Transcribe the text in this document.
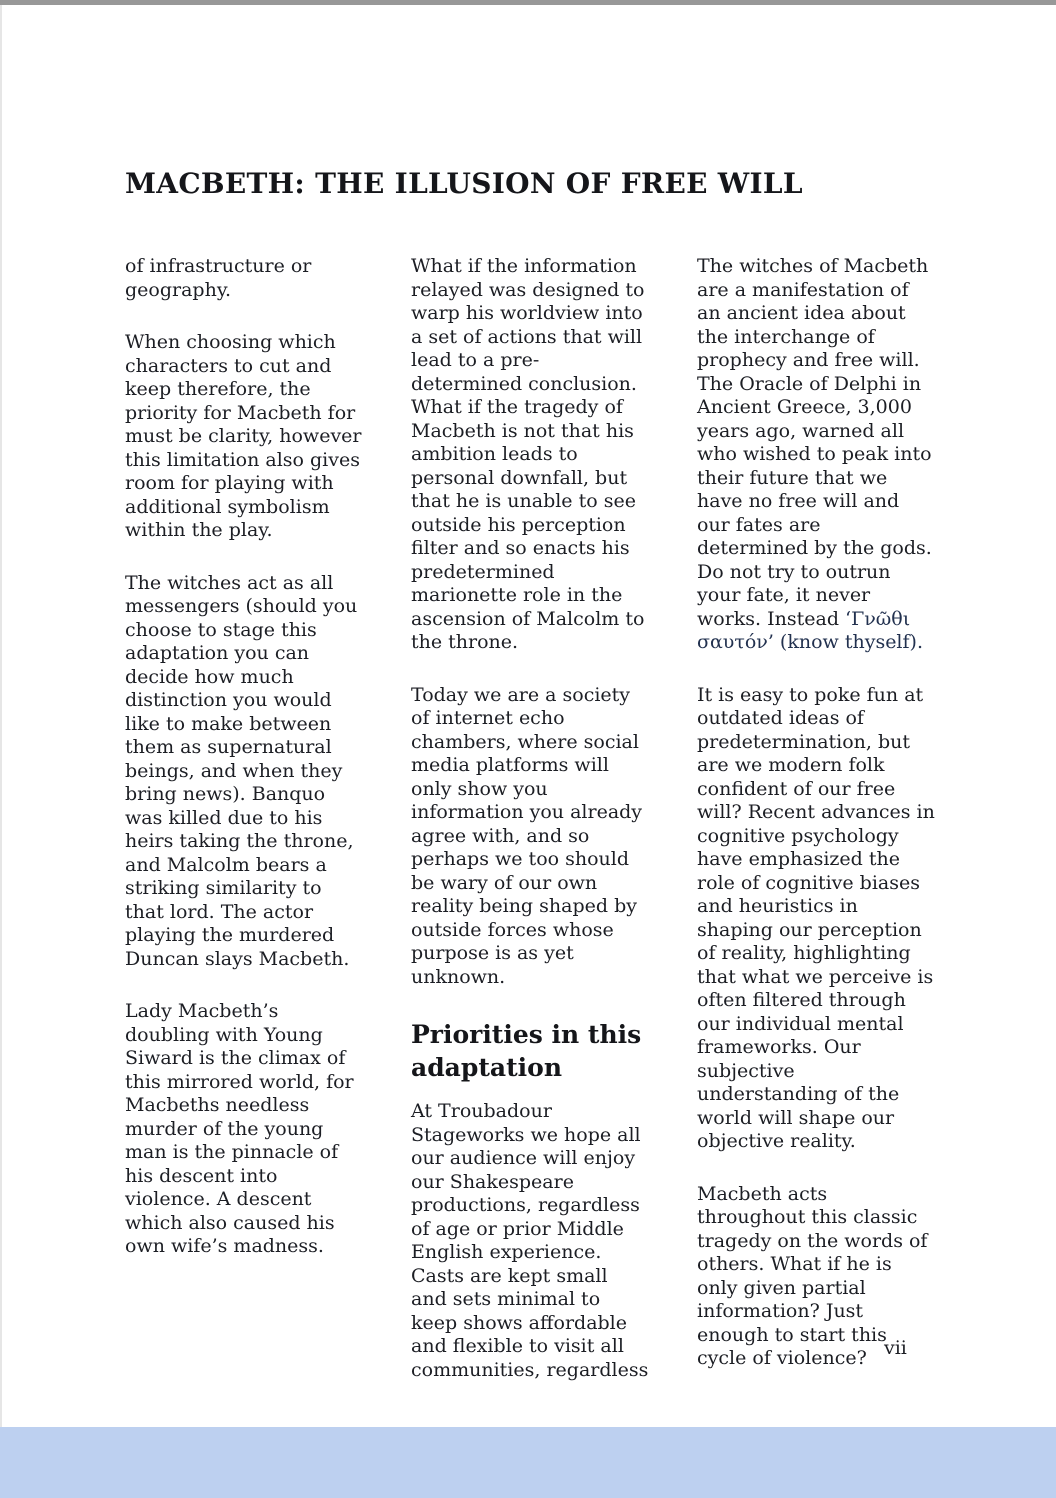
MACBETH: THE ILLUSION OF FREE WILL

of infrastructure or geography.

When choosing which characters to cut and keep therefore, the priority for Macbeth for must be clarity, however this limitation also gives room for playing with additional symbolism within the play.

The witches act as all messengers (should you choose to stage this adaptation you can decide how much distinction you would like to make between them as supernatural beings, and when they bring news). Banquo was killed due to his heirs taking the throne, and Malcolm bears a striking similarity to that lord. The actor playing the murdered Duncan slays Macbeth.

Lady Macbeth’s doubling with Young Siward is the climax of this mirrored world, for Macbeths needless murder of the young man is the pinnacle of his descent into violence. A descent which also caused his own wife’s madness.

What if the information relayed was designed to warp his worldview into a set of actions that will lead to a pre-determined conclusion. What if the tragedy of Macbeth is not that his ambition leads to personal downfall, but that he is unable to see outside his perception filter and so enacts his predetermined marionette role in the ascension of Malcolm to the throne.

Today we are a society of internet echo chambers, where social media platforms will only show you information you already agree with, and so perhaps we too should be wary of our own reality being shaped by outside forces whose purpose is as yet unknown.

Priorities in this adaptation

At Troubadour Stageworks we hope all our audience will enjoy our Shakespeare productions, regardless of age or prior Middle English experience. Casts are kept small and sets minimal to keep shows affordable and flexible to visit all communities, regardless

The witches of Macbeth are a manifestation of an ancient idea about the interchange of prophecy and free will. The Oracle of Delphi in Ancient Greece, 3,000 years ago, warned all who wished to peak into their future that we have no free will and our fates are determined by the gods. Do not try to outrun your fate, it never works. Instead ‘Γνῶθι σαυτόν’ (know thyself).

It is easy to poke fun at outdated ideas of predetermination, but are we modern folk confident of our free will? Recent advances in cognitive psychology have emphasized the role of cognitive biases and heuristics in shaping our perception of reality, highlighting that what we perceive is often filtered through our individual mental frameworks. Our subjective understanding of the world will shape our objective reality.

Macbeth acts throughout this classic tragedy on the words of others. What if he is only given partial information? Just enough to start this cycle of violence? vii
